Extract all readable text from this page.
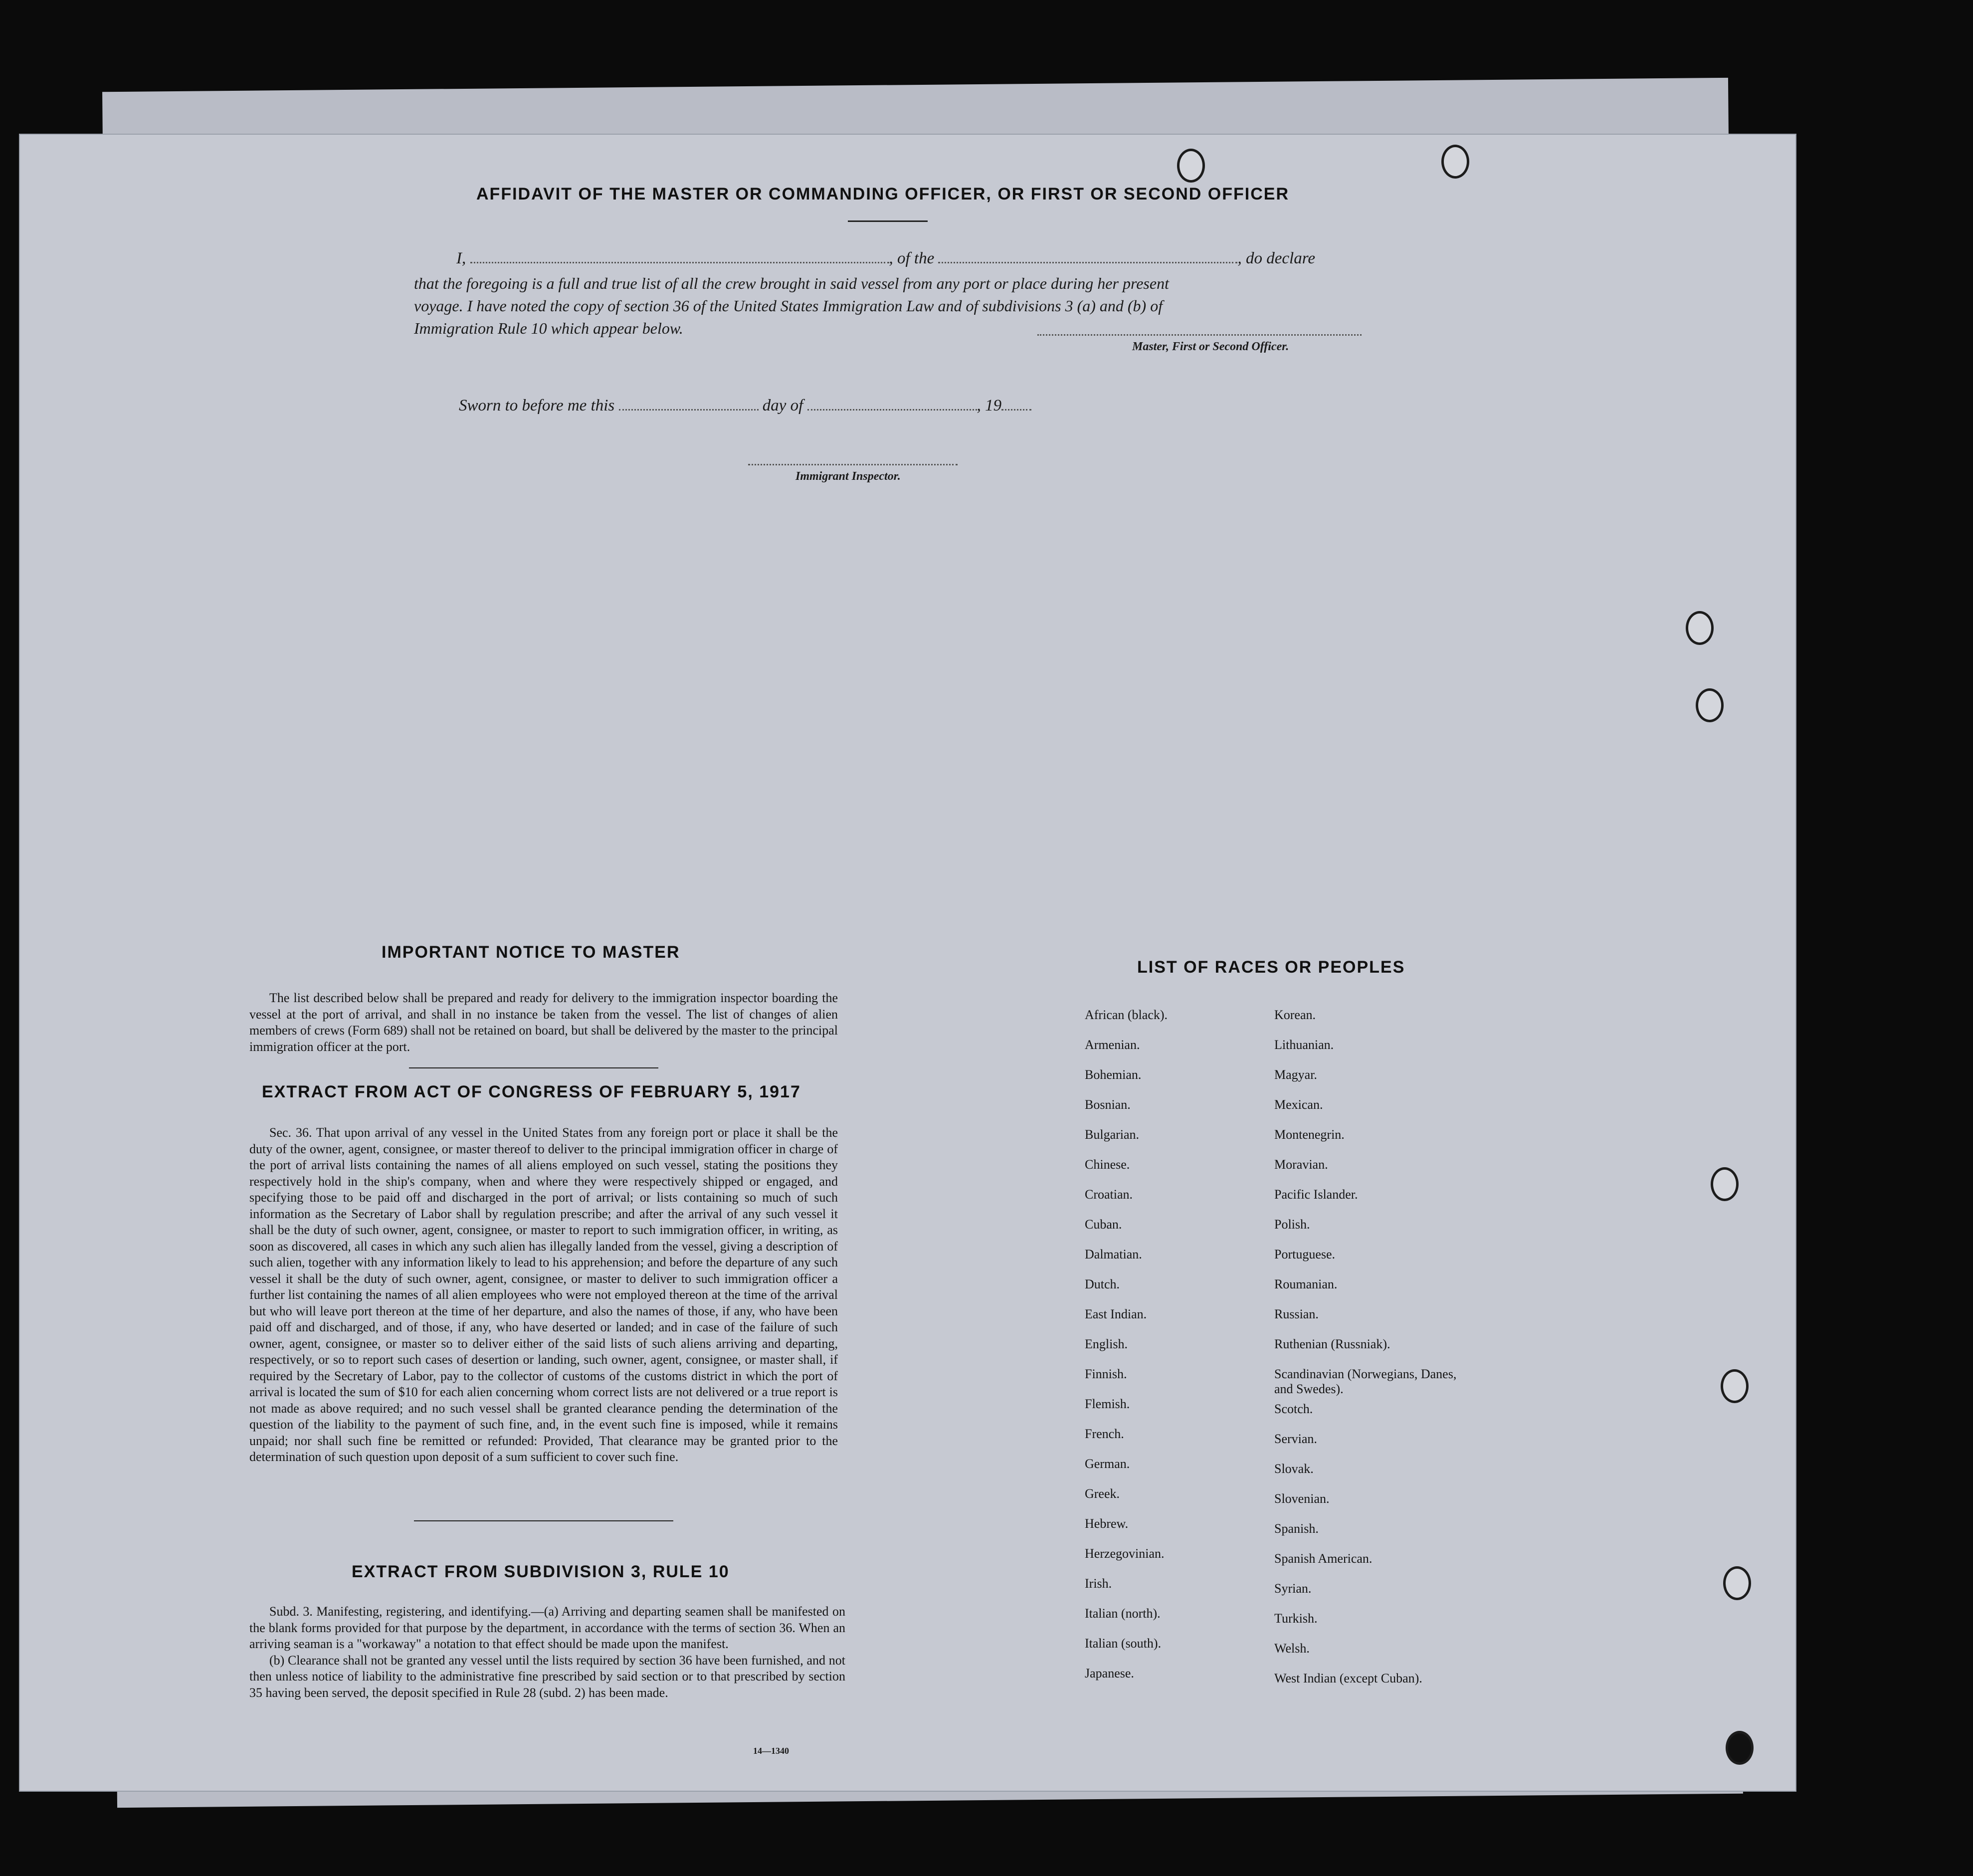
AFFIDAVIT OF THE MASTER OR COMMANDING OFFICER, OR FIRST OR SECOND OFFICER
I,	, of the	, do declare
that the foregoing is a full and true list of all the crew brought in said vessel from any port or place during her present
voyage. I have noted the copy of section 36 of the United States Immigration Law and of subdivisions 3 (a) and (b) of
Immigration Rule 10 which appear below.
Master, First or Second Officer.
Sworn to before me this	day of	, 19
Immigrant Inspector.
IMPORTANT NOTICE TO MASTER

The list described below shall be prepared and ready for delivery to the immigration inspector boarding the vessel at the port of arrival, and shall in no instance be taken from the vessel. The list of changes of alien members of crews (Form 689) shall not be retained on board, but shall be delivered by the master to the principal immigration officer at the port.

EXTRACT FROM ACT OF CONGRESS OF FEBRUARY 5, 1917

Sec. 36. That upon arrival of any vessel in the United States from any foreign port or place it shall be the duty of the owner, agent, consignee, or master thereof to deliver to the principal immigration officer in charge of the port of arrival lists containing the names of all aliens employed on such vessel, stating the positions they respectively hold in the ship's company, when and where they were respectively shipped or engaged, and specifying those to be paid off and discharged in the port of arrival; or lists containing so much of such information as the Secretary of Labor shall by regulation prescribe; and after the arrival of any such vessel it shall be the duty of such owner, agent, consignee, or master to report to such immigration officer, in writing, as soon as discovered, all cases in which any such alien has illegally landed from the vessel, giving a description of such alien, together with any information likely to lead to his apprehension; and before the departure of any such vessel it shall be the duty of such owner, agent, consignee, or master to deliver to such immigration officer a further list containing the names of all alien employees who were not employed thereon at the time of the arrival but who will leave port thereon at the time of her departure, and also the names of those, if any, who have been paid off and discharged, and of those, if any, who have deserted or landed; and in case of the failure of such owner, agent, consignee, or master so to deliver either of the said lists of such aliens arriving and departing, respectively, or so to report such cases of desertion or landing, such owner, agent, consignee, or master shall, if required by the Secretary of Labor, pay to the collector of customs of the customs district in which the port of arrival is located the sum of $10 for each alien concerning whom correct lists are not delivered or a true report is not made as above required; and no such vessel shall be granted clearance pending the determination of the question of the liability to the payment of such fine, and, in the event such fine is imposed, while it remains unpaid; nor shall such fine be remitted or refunded: Provided, That clearance may be granted prior to the determination of such question upon deposit of a sum sufficient to cover such fine.

EXTRACT FROM SUBDIVISION 3, RULE 10

Subd. 3. Manifesting, registering, and identifying.—(a) Arriving and departing seamen shall be manifested on the blank forms provided for that purpose by the department, in accordance with the terms of section 36. When an arriving seaman is a "workaway" a notation to that effect should be made upon the manifest.

(b) Clearance shall not be granted any vessel until the lists required by section 36 have been furnished, and not then unless notice of liability to the administrative fine prescribed by said section or to that prescribed by section 35 having been served, the deposit specified in Rule 28 (subd. 2) has been made.

14—1340
LIST OF RACES OR PEOPLES
African (black).
Armenian.
Bohemian.
Bosnian.
Bulgarian.
Chinese.
Croatian.
Cuban.
Dalmatian.
Dutch.
East Indian.
English.
Finnish.
Flemish.
French.
German.
Greek.
Hebrew.
Herzegovinian.
Irish.
Italian (north).
Italian (south).
Japanese.
Korean.
Lithuanian.
Magyar.
Mexican.
Montenegrin.
Moravian.
Pacific Islander.
Polish.
Portuguese.
Roumanian.
Russian.
Ruthenian (Russniak).
Scandinavian (Norwegians, Danes, and Swedes).
Scotch.
Servian.
Slovak.
Slovenian.
Spanish.
Spanish American.
Syrian.
Turkish.
Welsh.
West Indian (except Cuban).
